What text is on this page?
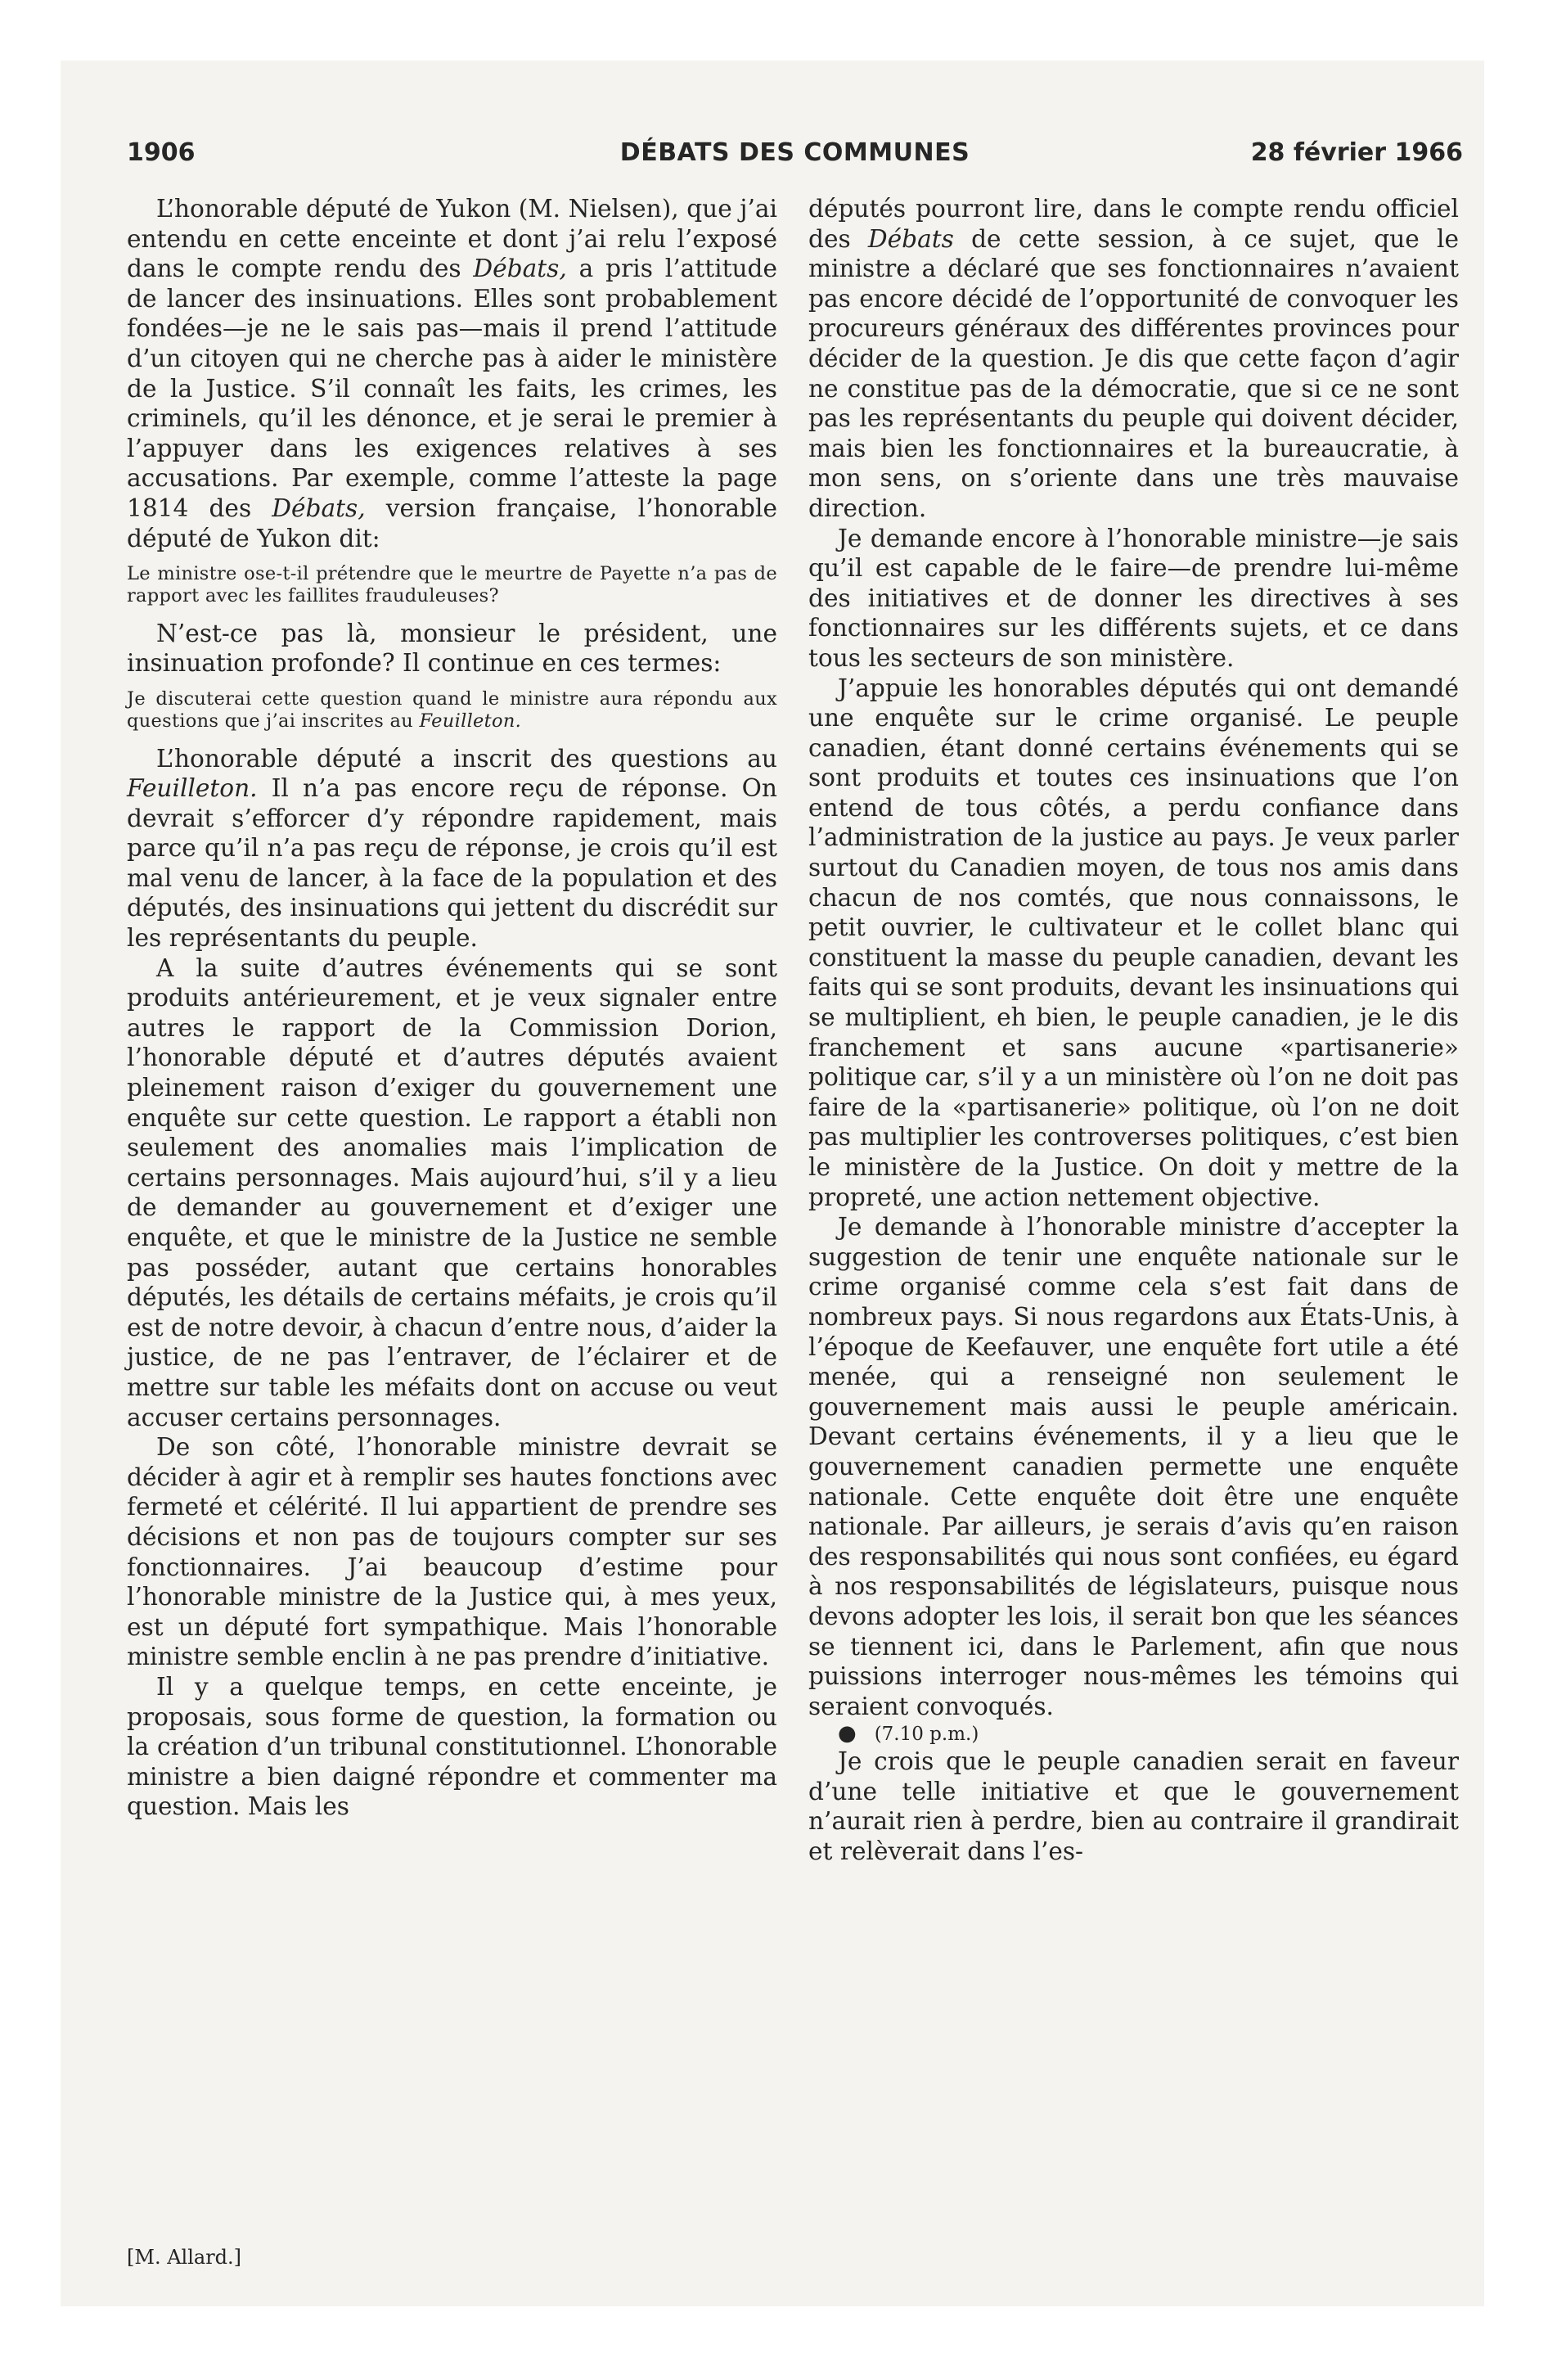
1906	DÉBATS DES COMMUNES	28 février 1966

L’honorable député de Yukon (M. Nielsen), que j’ai entendu en cette enceinte et dont j’ai relu l’exposé dans le compte rendu des Débats, a pris l’attitude de lancer des insinuations. Elles sont probablement fondées—je ne le sais pas—mais il prend l’attitude d’un citoyen qui ne cherche pas à aider le ministère de la Justice. S’il connaît les faits, les crimes, les criminels, qu’il les dénonce, et je serai le premier à l’appuyer dans les exigences relatives à ses accusations. Par exemple, comme l’atteste la page 1814 des Débats, version française, l’honorable député de Yukon dit:

Le ministre ose-t-il prétendre que le meurtre de Payette n’a pas de rapport avec les faillites frauduleuses?

N’est-ce pas là, monsieur le président, une insinuation profonde? Il continue en ces termes:

Je discuterai cette question quand le ministre aura répondu aux questions que j’ai inscrites au Feuilleton.

L’honorable député a inscrit des questions au Feuilleton. Il n’a pas encore reçu de réponse. On devrait s’efforcer d’y répondre rapidement, mais parce qu’il n’a pas reçu de réponse, je crois qu’il est mal venu de lancer, à la face de la population et des députés, des insinuations qui jettent du discrédit sur les représentants du peuple.

A la suite d’autres événements qui se sont produits antérieurement, et je veux signaler entre autres le rapport de la Commission Dorion, l’honorable député et d’autres députés avaient pleinement raison d’exiger du gouvernement une enquête sur cette question. Le rapport a établi non seulement des anomalies mais l’implication de certains personnages. Mais aujourd’hui, s’il y a lieu de demander au gouvernement et d’exiger une enquête, et que le ministre de la Justice ne semble pas posséder, autant que certains honorables députés, les détails de certains méfaits, je crois qu’il est de notre devoir, à chacun d’entre nous, d’aider la justice, de ne pas l’entraver, de l’éclairer et de mettre sur table les méfaits dont on accuse ou veut accuser certains personnages.

De son côté, l’honorable ministre devrait se décider à agir et à remplir ses hautes fonctions avec fermeté et célérité. Il lui appartient de prendre ses décisions et non pas de toujours compter sur ses fonctionnaires. J’ai beaucoup d’estime pour l’honorable ministre de la Justice qui, à mes yeux, est un député fort sympathique. Mais l’honorable ministre semble enclin à ne pas prendre d’initiative.

Il y a quelque temps, en cette enceinte, je proposais, sous forme de question, la formation ou la création d’un tribunal constitutionnel. L’honorable ministre a bien daigné répondre et commenter ma question. Mais les

[M. Allard.]

députés pourront lire, dans le compte rendu officiel des Débats de cette session, à ce sujet, que le ministre a déclaré que ses fonctionnaires n’avaient pas encore décidé de l’opportunité de convoquer les procureurs généraux des différentes provinces pour décider de la question. Je dis que cette façon d’agir ne constitue pas de la démocratie, que si ce ne sont pas les représentants du peuple qui doivent décider, mais bien les fonctionnaires et la bureaucratie, à mon sens, on s’oriente dans une très mauvaise direction.

Je demande encore à l’honorable ministre—je sais qu’il est capable de le faire—de prendre lui-même des initiatives et de donner les directives à ses fonctionnaires sur les différents sujets, et ce dans tous les secteurs de son ministère.

J’appuie les honorables députés qui ont demandé une enquête sur le crime organisé. Le peuple canadien, étant donné certains événements qui se sont produits et toutes ces insinuations que l’on entend de tous côtés, a perdu confiance dans l’administration de la justice au pays. Je veux parler surtout du Canadien moyen, de tous nos amis dans chacun de nos comtés, que nous connaissons, le petit ouvrier, le cultivateur et le collet blanc qui constituent la masse du peuple canadien, devant les faits qui se sont produits, devant les insinuations qui se multiplient, eh bien, le peuple canadien, je le dis franchement et sans aucune «partisanerie» politique car, s’il y a un ministère où l’on ne doit pas faire de la «partisanerie» politique, où l’on ne doit pas multiplier les controverses politiques, c’est bien le ministère de la Justice. On doit y mettre de la propreté, une action nettement objective.

Je demande à l’honorable ministre d’accepter la suggestion de tenir une enquête nationale sur le crime organisé comme cela s’est fait dans de nombreux pays. Si nous regardons aux États-Unis, à l’époque de Keefauver, une enquête fort utile a été menée, qui a renseigné non seulement le gouvernement mais aussi le peuple américain. Devant certains événements, il y a lieu que le gouvernement canadien permette une enquête nationale. Cette enquête doit être une enquête nationale. Par ailleurs, je serais d’avis qu’en raison des responsabilités qui nous sont confiées, eu égard à nos responsabilités de législateurs, puisque nous devons adopter les lois, il serait bon que les séances se tiennent ici, dans le Parlement, afin que nous puissions interroger nous-mêmes les témoins qui seraient convoqués.

● (7.10 p.m.)

Je crois que le peuple canadien serait en faveur d’une telle initiative et que le gouvernement n’aurait rien à perdre, bien au contraire il grandirait et relèverait dans l’es-
